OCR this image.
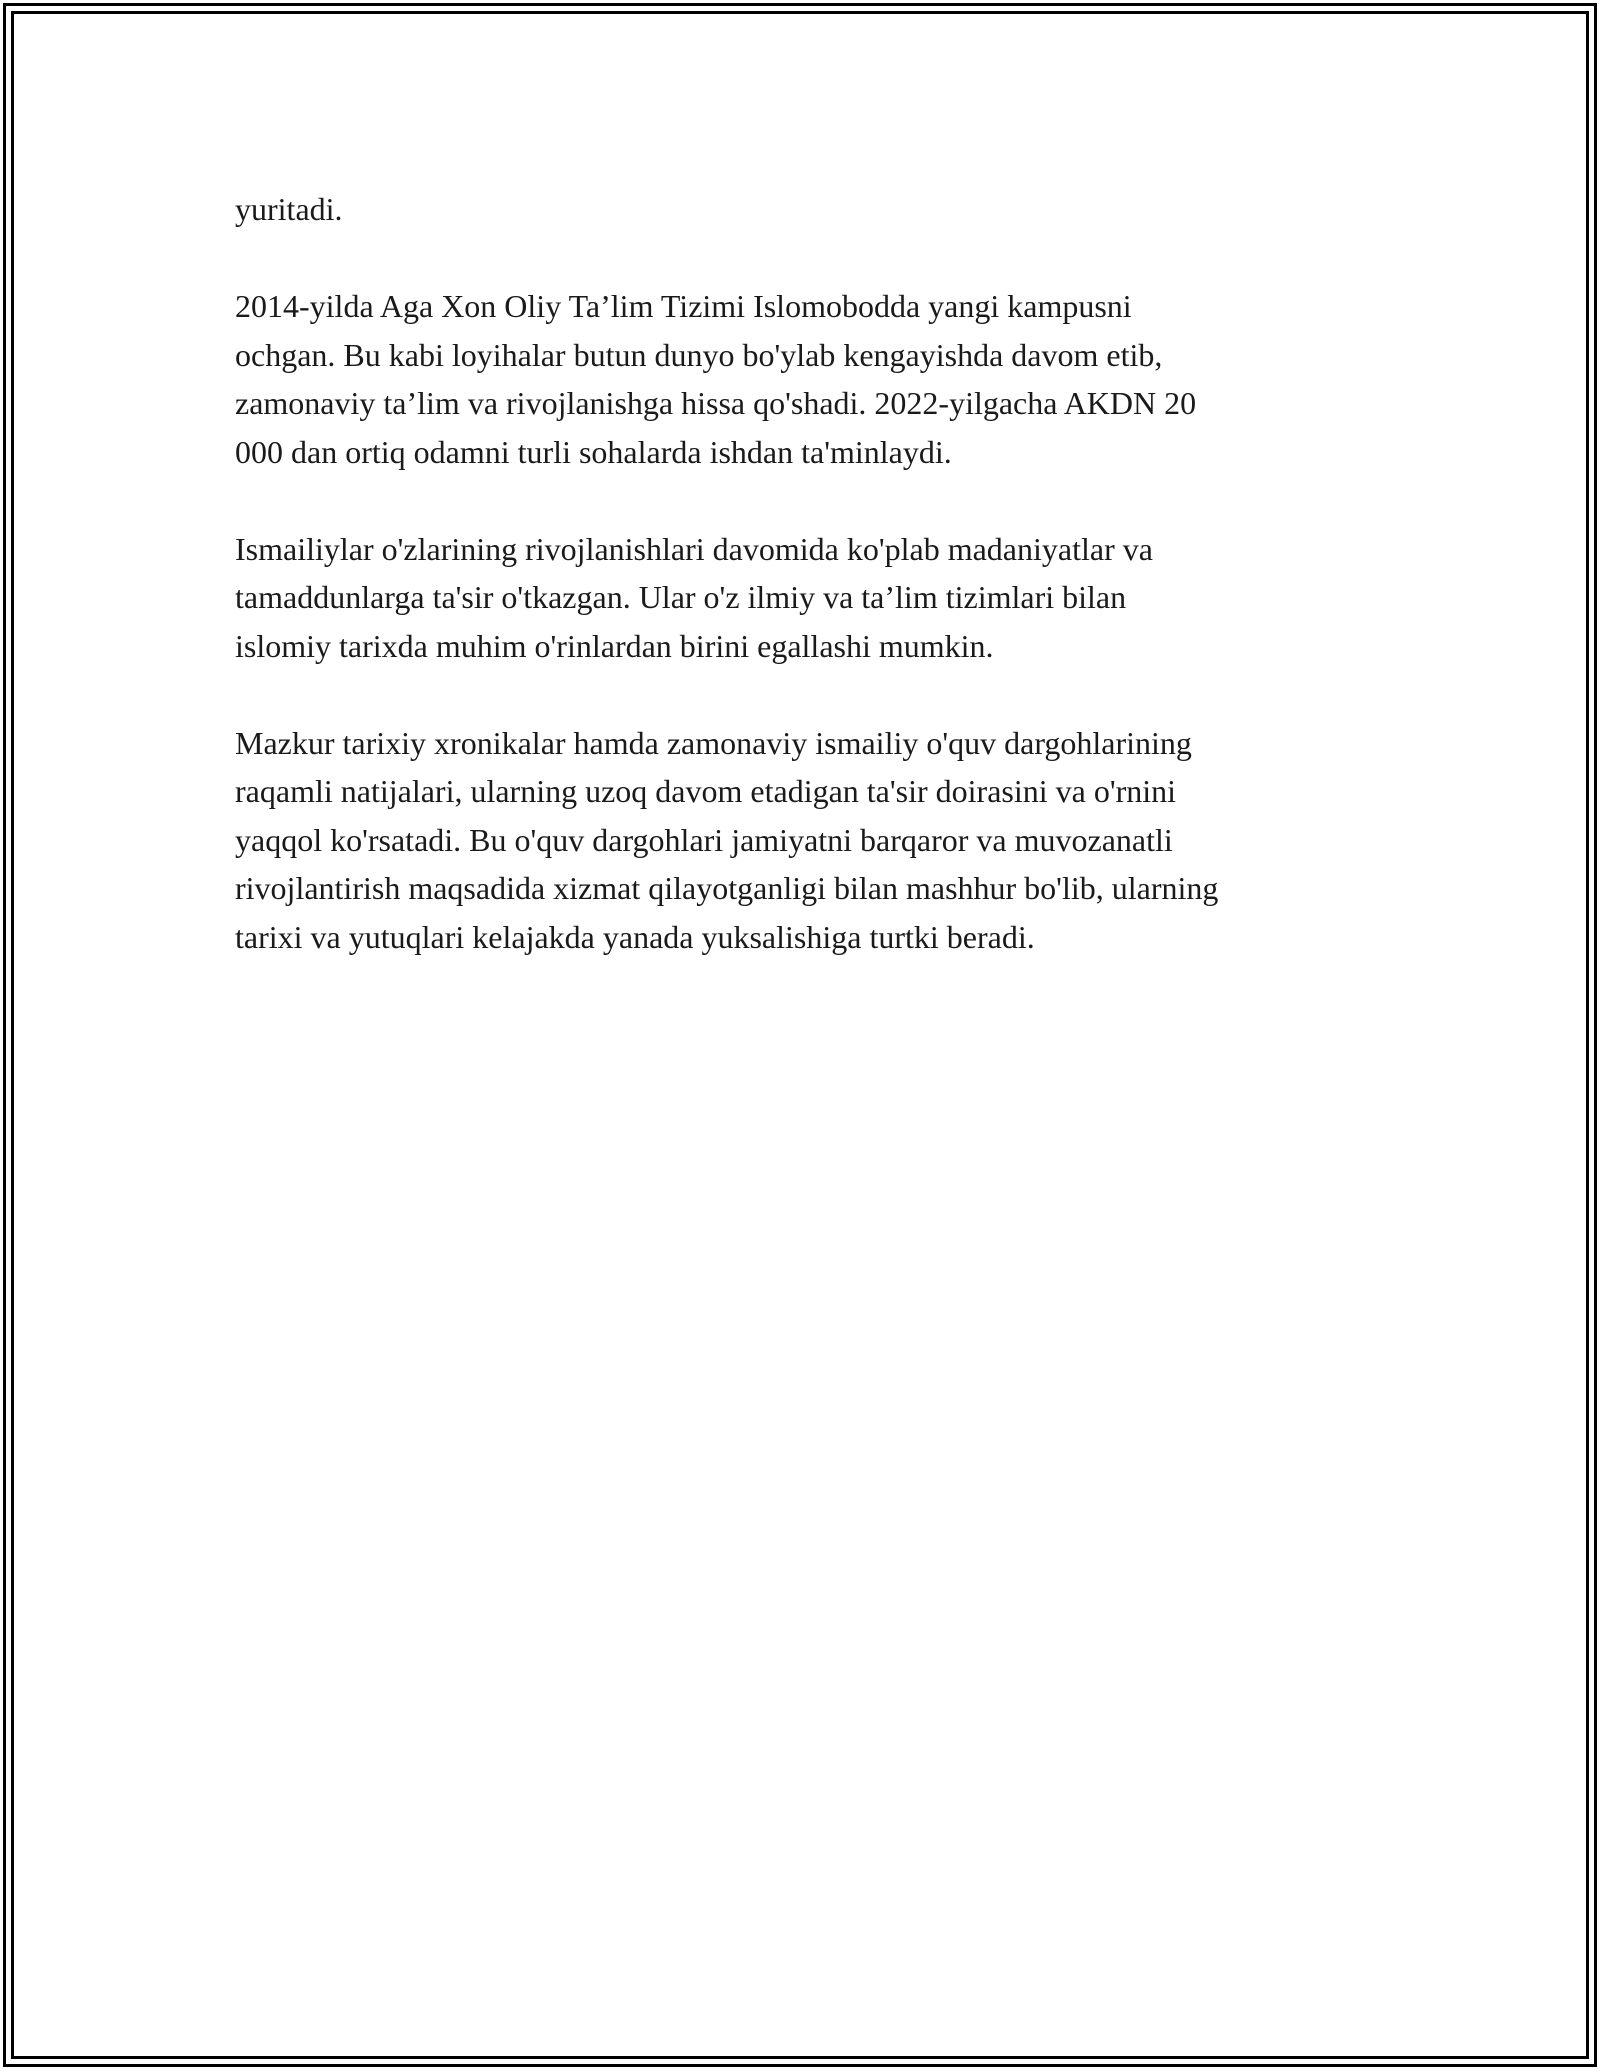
yuritadi.

2014-yilda Aga Xon Oliy Ta’lim Tizimi Islomobodda yangi kampusni
ochgan. Bu kabi loyihalar butun dunyo bo'ylab kengayishda davom etib,
zamonaviy ta’lim va rivojlanishga hissa qo'shadi. 2022-yilgacha AKDN 20
000 dan ortiq odamni turli sohalarda ishdan ta'minlaydi.

Ismailiylar o'zlarining rivojlanishlari davomida ko'plab madaniyatlar va
tamaddunlarga ta'sir o'tkazgan. Ular o'z ilmiy va ta’lim tizimlari bilan
islomiy tarixda muhim o'rinlardan birini egallashi mumkin.

Mazkur tarixiy xronikalar hamda zamonaviy ismailiy o'quv dargohlarining
raqamli natijalari, ularning uzoq davom etadigan ta'sir doirasini va o'rnini
yaqqol ko'rsatadi. Bu o'quv dargohlari jamiyatni barqaror va muvozanatli
rivojlantirish maqsadida xizmat qilayotganligi bilan mashhur bo'lib, ularning
tarixi va yutuqlari kelajakda yanada yuksalishiga turtki beradi.
